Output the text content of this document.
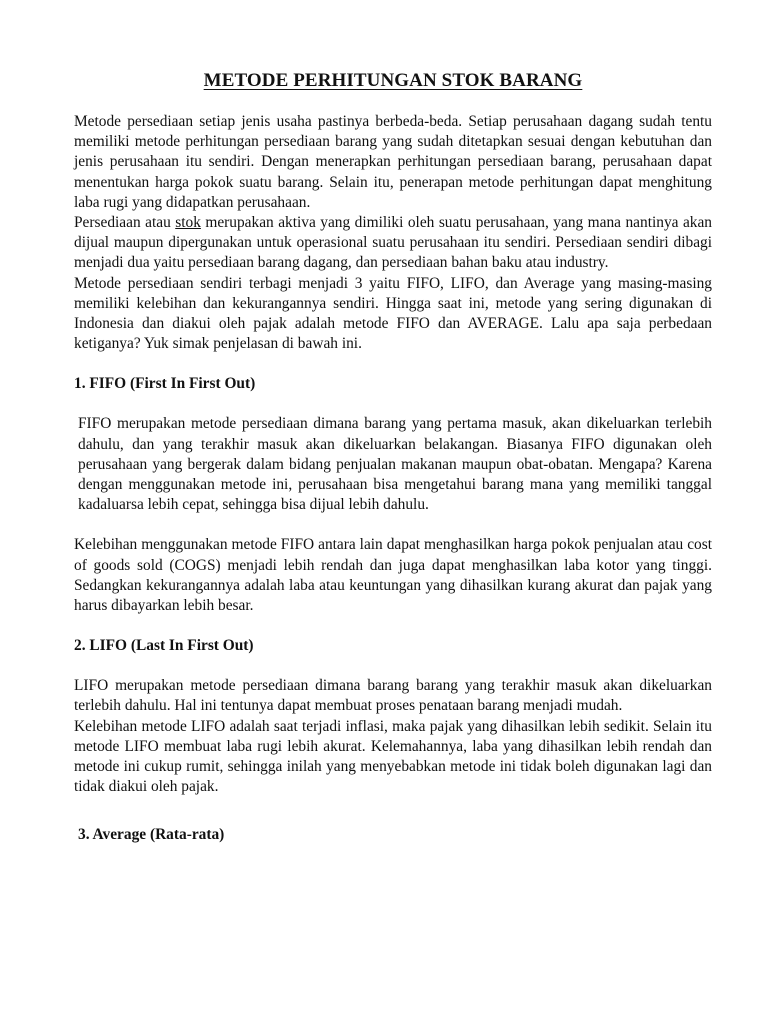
METODE PERHITUNGAN STOK BARANG

Metode persediaan setiap jenis usaha pastinya berbeda-beda. Setiap perusahaan dagang sudah tentu memiliki metode perhitungan persediaan barang yang sudah ditetapkan sesuai dengan kebutuhan dan jenis perusahaan itu sendiri. Dengan menerapkan perhitungan persediaan barang, perusahaan dapat menentukan harga pokok suatu barang. Selain itu, penerapan metode perhitungan dapat menghitung laba rugi yang didapatkan perusahaan.

Persediaan atau stok merupakan aktiva yang dimiliki oleh suatu perusahaan, yang mana nantinya akan dijual maupun dipergunakan untuk operasional suatu perusahaan itu sendiri. Persediaan sendiri dibagi menjadi dua yaitu persediaan barang dagang, dan persediaan bahan baku atau industry.

Metode persediaan sendiri terbagi menjadi 3 yaitu FIFO, LIFO, dan Average yang masing-masing memiliki kelebihan dan kekurangannya sendiri. Hingga saat ini, metode yang sering digunakan di Indonesia dan diakui oleh pajak adalah metode FIFO dan AVERAGE. Lalu apa saja perbedaan ketiganya? Yuk simak penjelasan di bawah ini.

1. FIFO (First In First Out)

FIFO merupakan metode persediaan dimana barang yang pertama masuk, akan dikeluarkan terlebih dahulu, dan yang terakhir masuk akan dikeluarkan belakangan. Biasanya FIFO digunakan oleh perusahaan yang bergerak dalam bidang penjualan makanan maupun obat-obatan. Mengapa? Karena dengan menggunakan metode ini, perusahaan bisa mengetahui barang mana yang memiliki tanggal kadaluarsa lebih cepat, sehingga bisa dijual lebih dahulu.

Kelebihan menggunakan metode FIFO antara lain dapat menghasilkan harga pokok penjualan atau cost of goods sold (COGS) menjadi lebih rendah dan juga dapat menghasilkan laba kotor yang tinggi. Sedangkan kekurangannya adalah laba atau keuntungan yang dihasilkan kurang akurat dan pajak yang harus dibayarkan lebih besar.

2. LIFO (Last In First Out)

LIFO merupakan metode persediaan dimana barang barang yang terakhir masuk akan dikeluarkan terlebih dahulu. Hal ini tentunya dapat membuat proses penataan barang menjadi mudah.

Kelebihan metode LIFO adalah saat terjadi inflasi, maka pajak yang dihasilkan lebih sedikit. Selain itu metode LIFO membuat laba rugi lebih akurat. Kelemahannya, laba yang dihasilkan lebih rendah dan metode ini cukup rumit, sehingga inilah yang menyebabkan metode ini tidak boleh digunakan lagi dan tidak diakui oleh pajak.

3. Average (Rata-rata)
